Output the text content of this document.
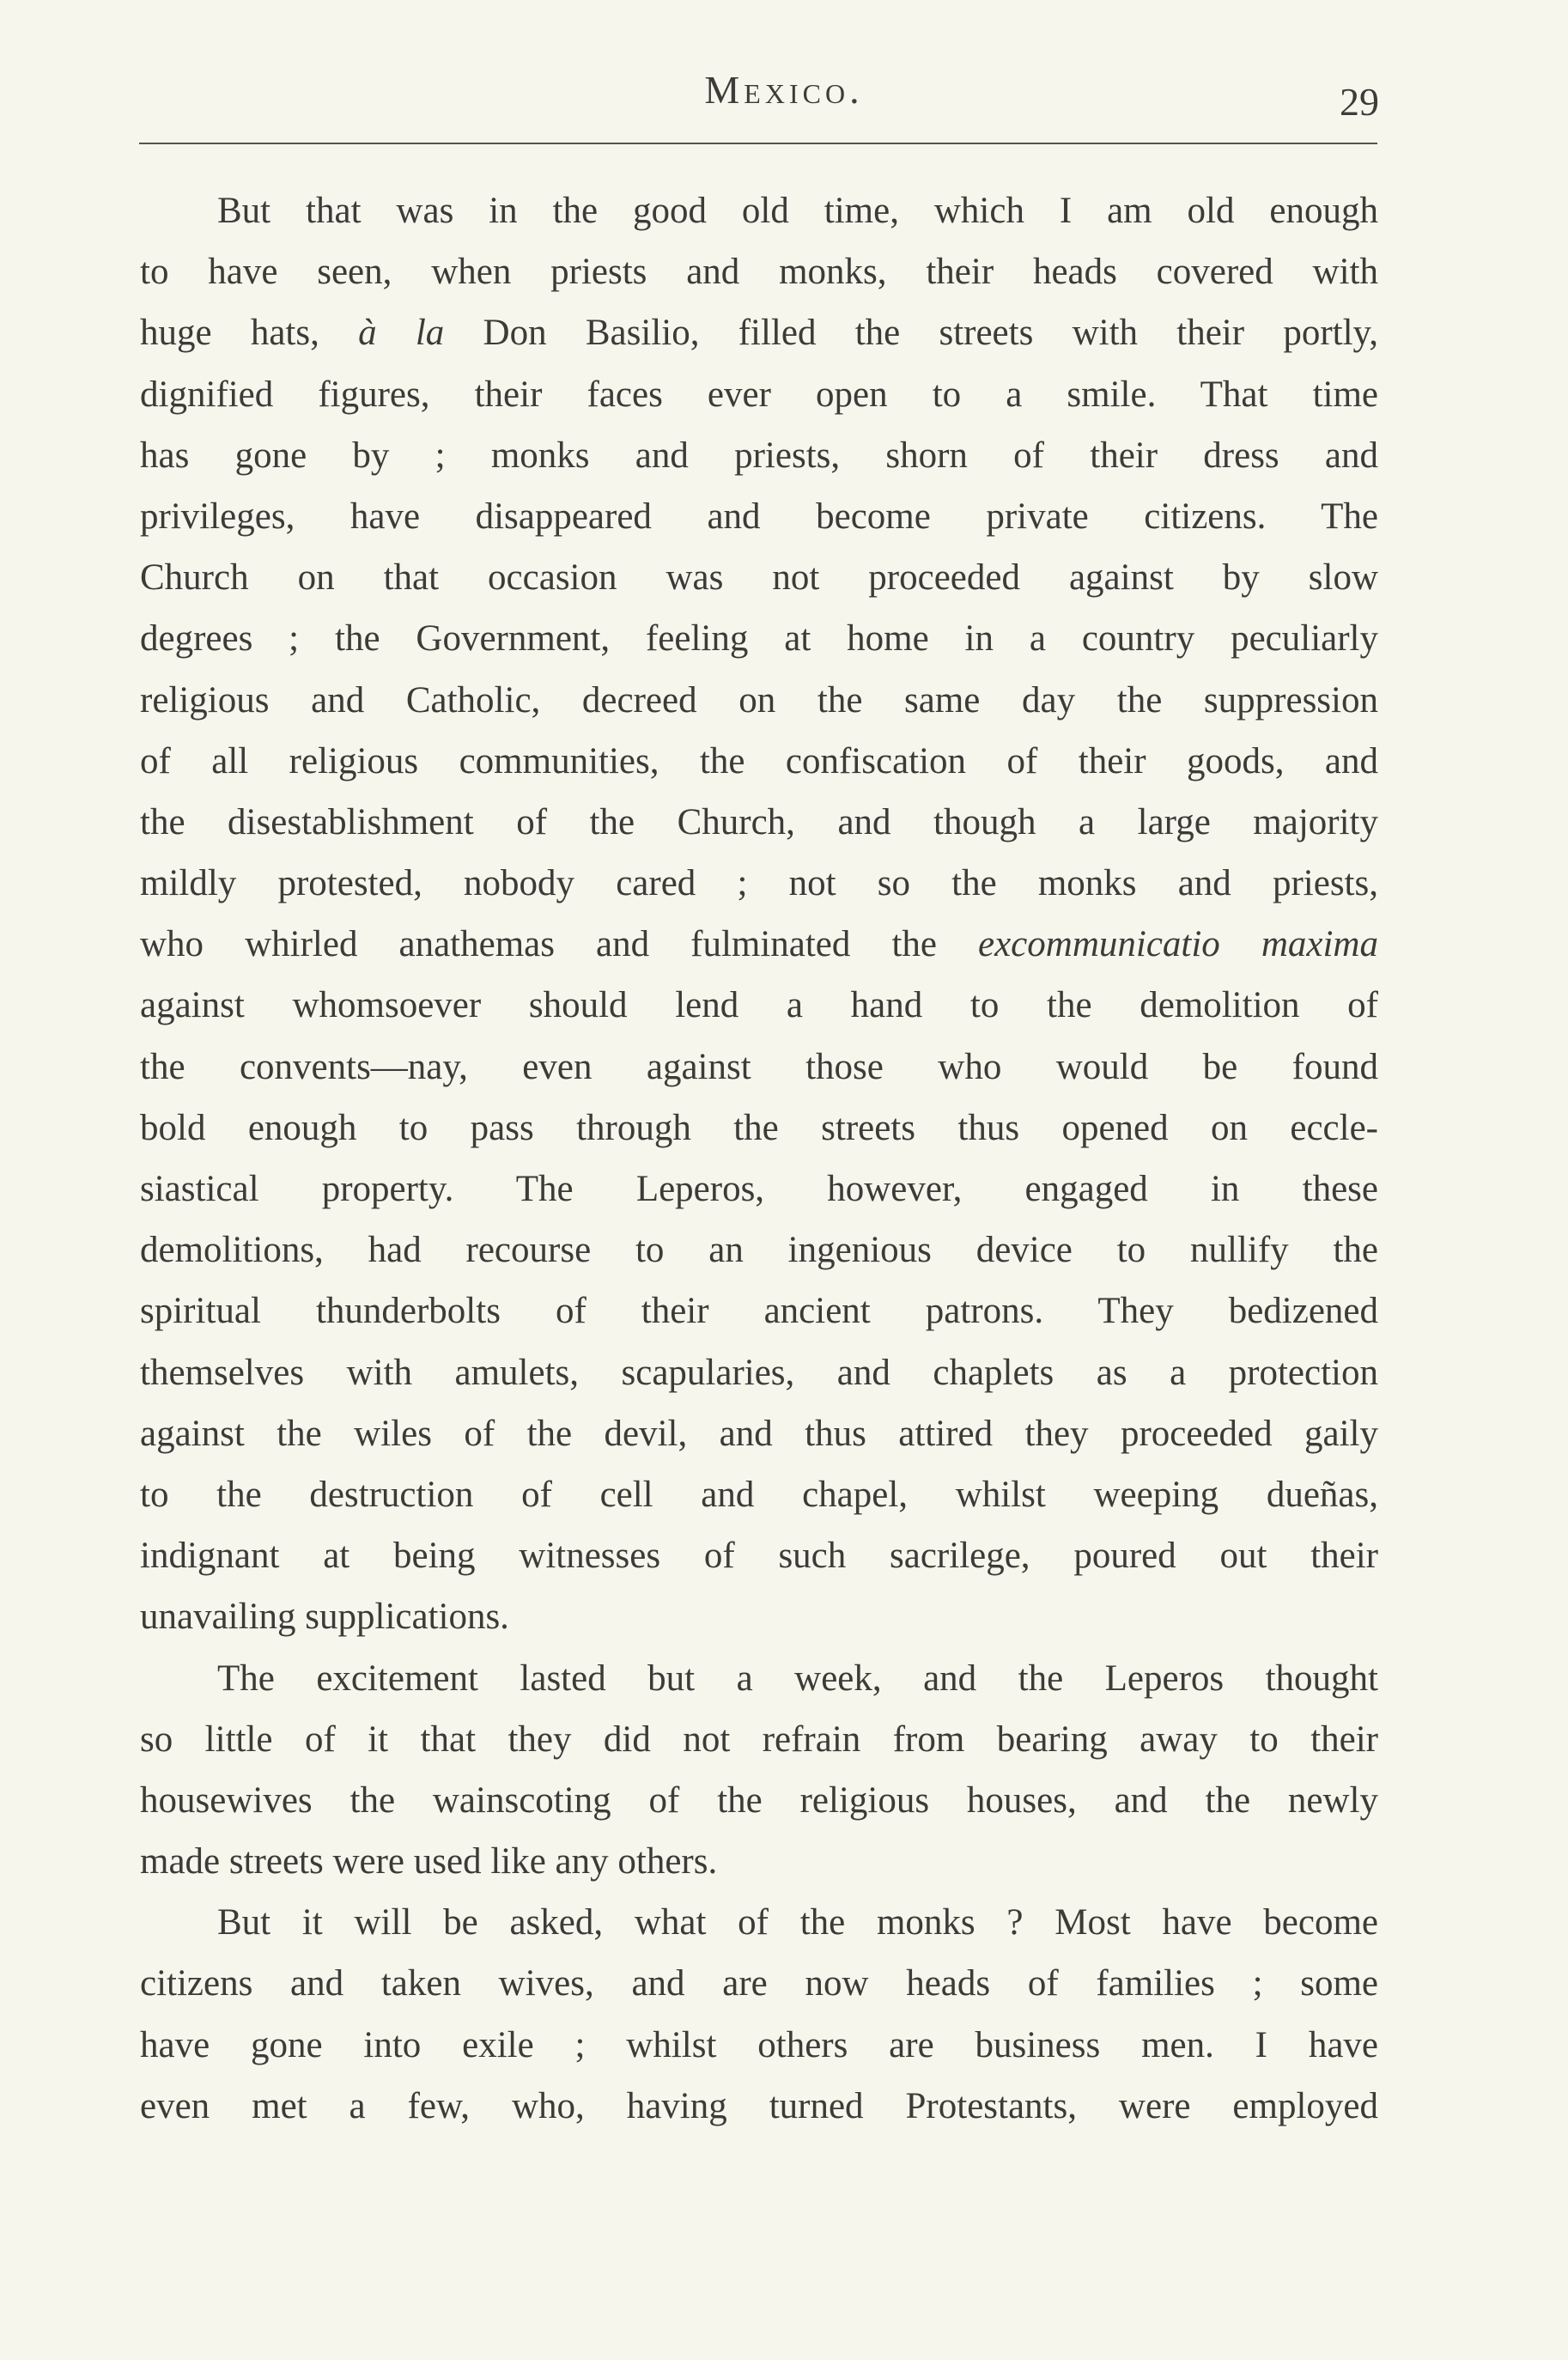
Mexico.	29
But that was in the good old time, which I am old enough
to have seen, when priests and monks, their heads covered with
huge hats, à la Don Basilio, filled the streets with their portly,
dignified figures, their faces ever open to a smile. That time
has gone by ; monks and priests, shorn of their dress and
privileges, have disappeared and become private citizens. The
Church on that occasion was not proceeded against by slow
degrees ; the Government, feeling at home in a country peculiarly
religious and Catholic, decreed on the same day the suppression
of all religious communities, the confiscation of their goods, and
the disestablishment of the Church, and though a large majority
mildly protested, nobody cared ; not so the monks and priests,
who whirled anathemas and fulminated the excommunicatio maxima
against whomsoever should lend a hand to the demolition of
the convents—nay, even against those who would be found
bold enough to pass through the streets thus opened on eccle-
siastical property. The Leperos, however, engaged in these
demolitions, had recourse to an ingenious device to nullify the
spiritual thunderbolts of their ancient patrons. They bedizened
themselves with amulets, scapularies, and chaplets as a protection
against the wiles of the devil, and thus attired they proceeded gaily
to the destruction of cell and chapel, whilst weeping dueñas,
indignant at being witnesses of such sacrilege, poured out their
unavailing supplications.
The excitement lasted but a week, and the Leperos thought
so little of it that they did not refrain from bearing away to their
housewives the wainscoting of the religious houses, and the newly
made streets were used like any others.
But it will be asked, what of the monks ? Most have become
citizens and taken wives, and are now heads of families ; some
have gone into exile ; whilst others are business men. I have
even met a few, who, having turned Protestants, were employed
